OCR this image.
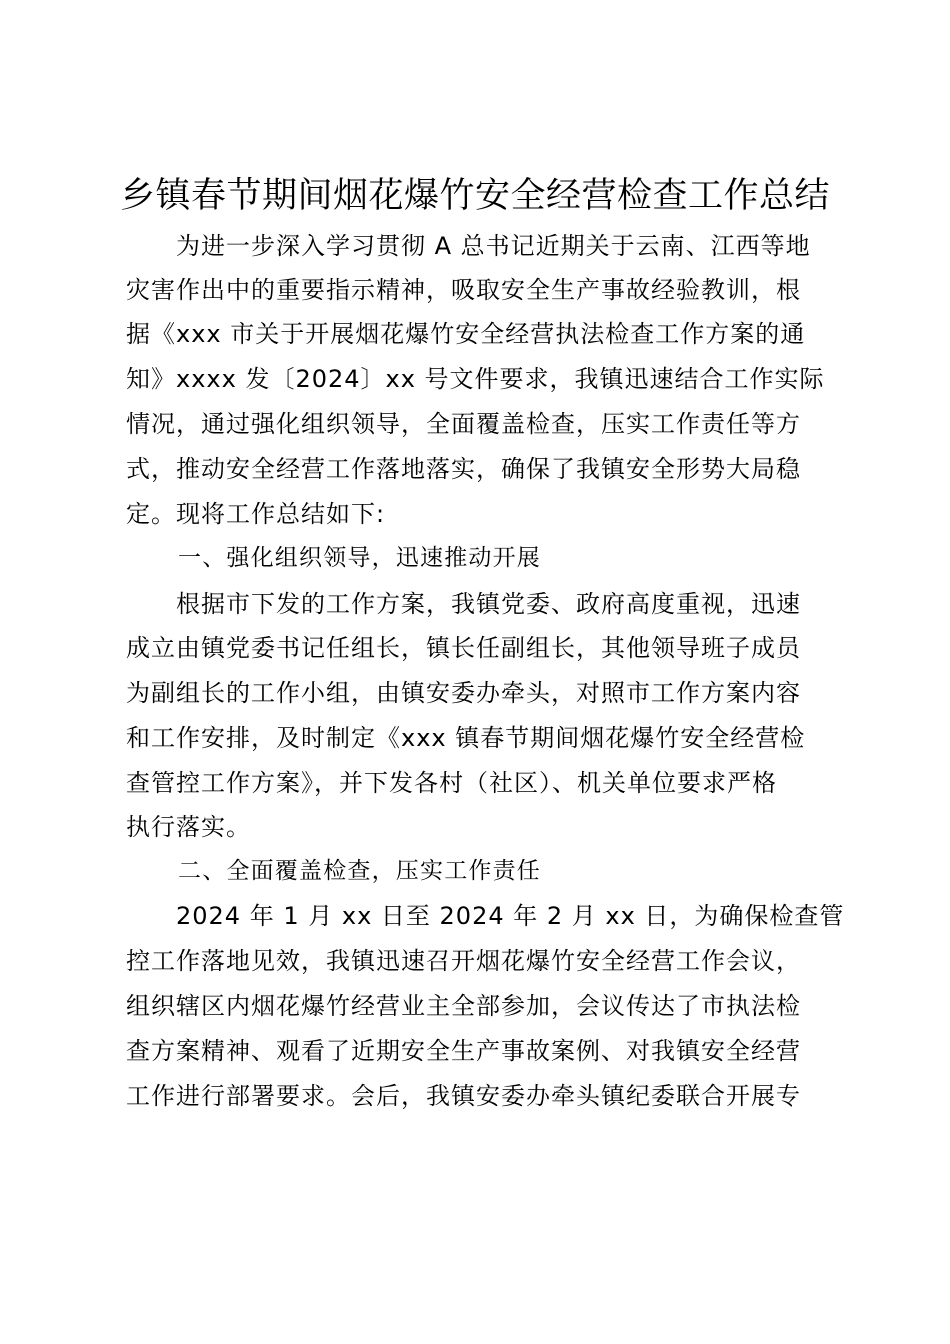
乡镇春节期间烟花爆竹安全经营检查工作总结
为进一步深入学习贯彻 A 总书记近期关于云南、江西等地
灾害作出中的重要指示精神，吸取安全生产事故经验教训，根
据《xxx 市关于开展烟花爆竹安全经营执法检查工作方案的通
知》xxxx 发〔2024〕xx 号文件要求，我镇迅速结合工作实际
情况，通过强化组织领导，全面覆盖检查，压实工作责任等方
式，推动安全经营工作落地落实，确保了我镇安全形势大局稳
定。现将工作总结如下:
一、强化组织领导，迅速推动开展
根据市下发的工作方案，我镇党委、政府高度重视，迅速
成立由镇党委书记任组长，镇长任副组长，其他领导班子成员
为副组长的工作小组，由镇安委办牵头，对照市工作方案内容
和工作安排，及时制定《xxx 镇春节期间烟花爆竹安全经营检
查管控工作方案》，并下发各村（社区）、机关单位要求严格
执行落实。
二、全面覆盖检查，压实工作责任
2024 年 1 月 xx 日至 2024 年 2 月 xx 日，为确保检查管
控工作落地见效，我镇迅速召开烟花爆竹安全经营工作会议，
组织辖区内烟花爆竹经营业主全部参加，会议传达了市执法检
查方案精神、观看了近期安全生产事故案例、对我镇安全经营
工作进行部署要求。会后，我镇安委办牵头镇纪委联合开展专
